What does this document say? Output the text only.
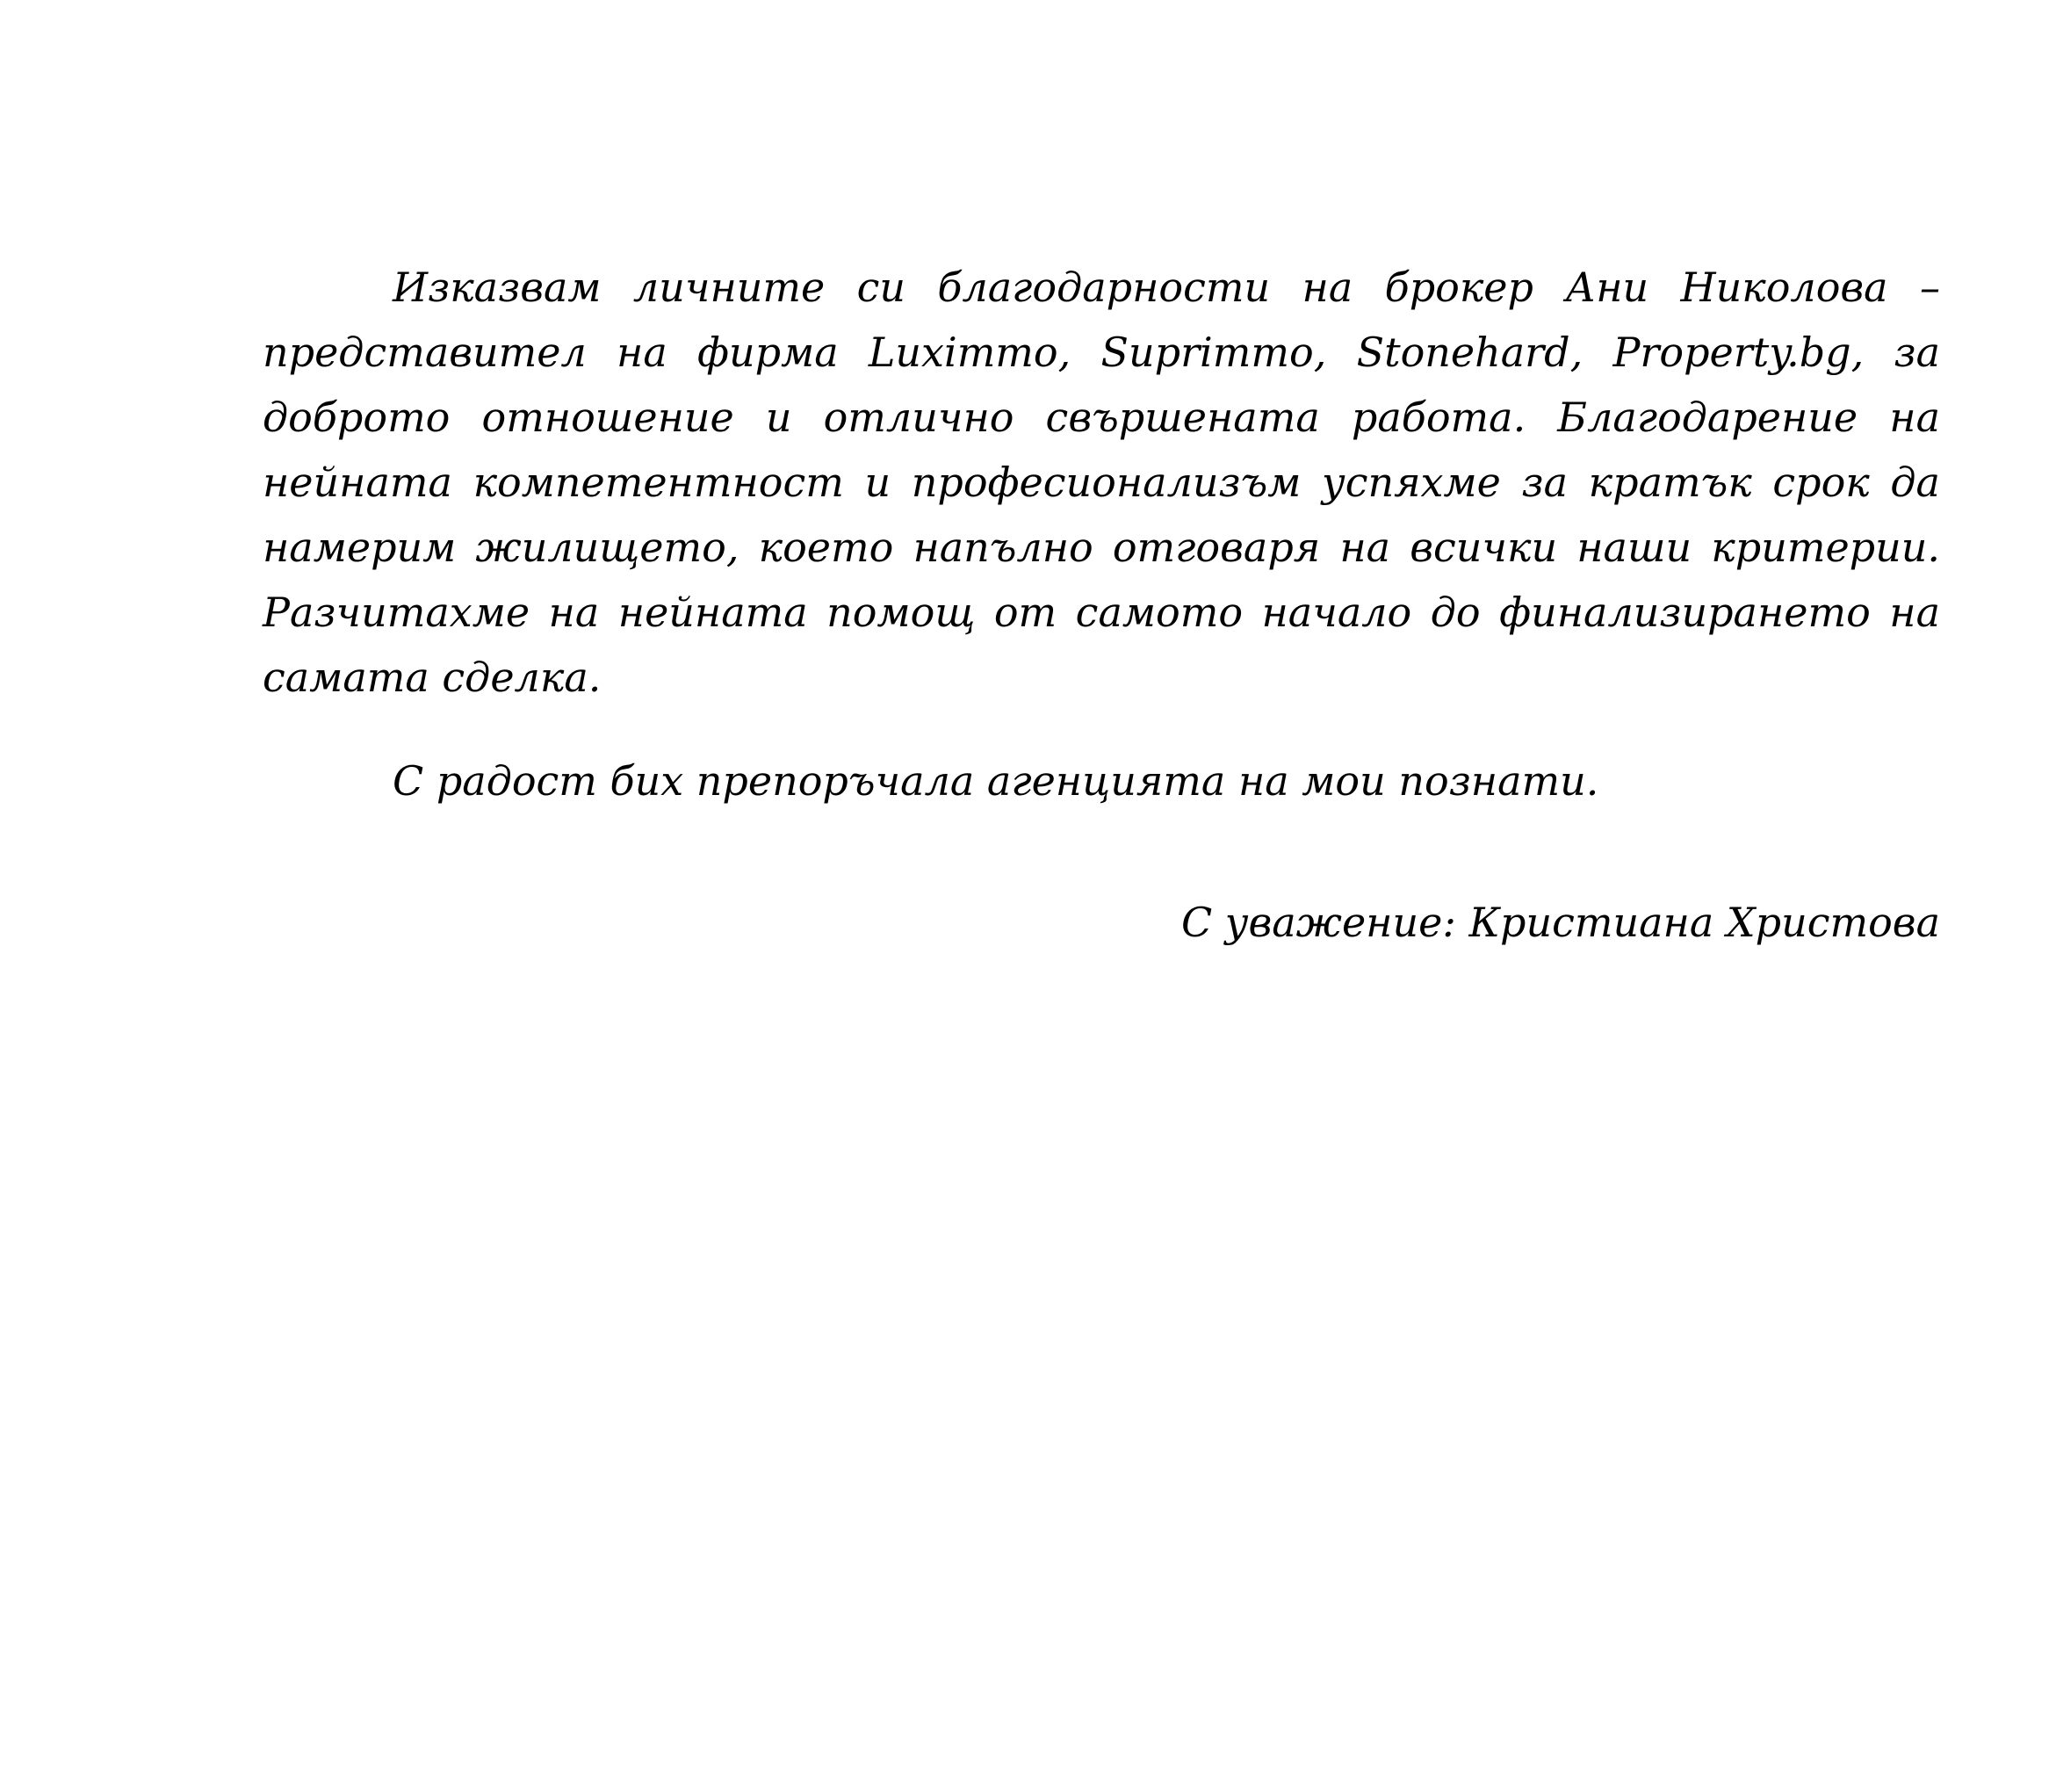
Изказвам личните си благодарности на брокер Ани Николова – представител на фирма Luximmo, Suprimmo, Stonehard, Property.bg, за доброто отношение и отлично свършената работа. Благодарение на нейната компетентност и професионализъм успяхме за кратък срок да намерим жилището, което напълно отговаря на всички наши критерии. Разчитахме на нейната помощ от самото начало до финализирането на самата сделка.

С радост бих препоръчала агенцията на мои познати.

С уважение: Кристиана Христова
